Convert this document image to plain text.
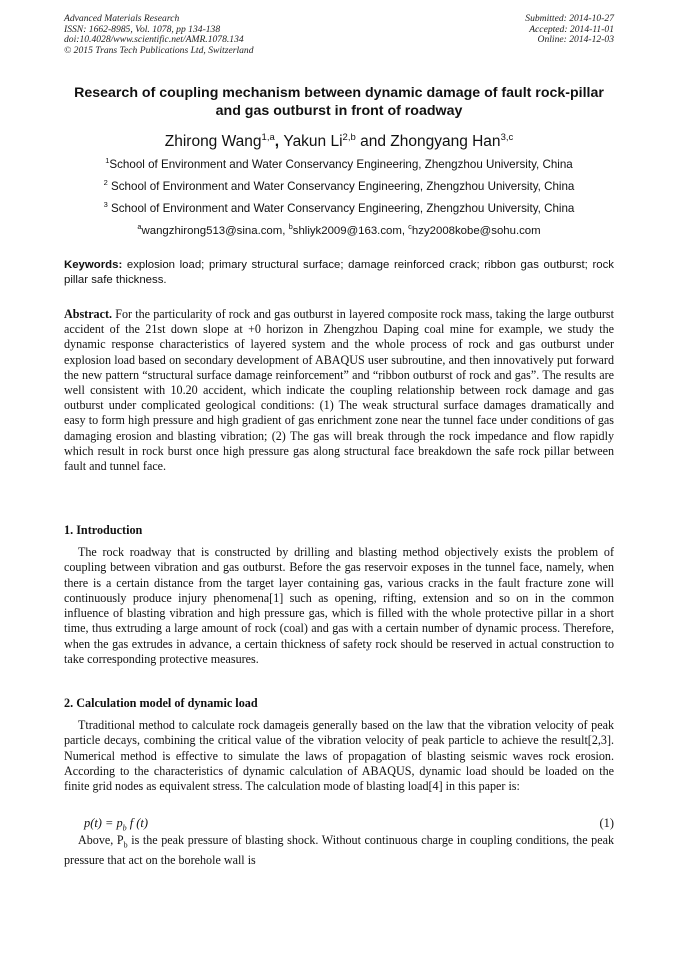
Advanced Materials Research
ISSN: 1662-8985, Vol. 1078, pp 134-138
doi:10.4028/www.scientific.net/AMR.1078.134
© 2015 Trans Tech Publications Ltd, Switzerland
Submitted: 2014-10-27
Accepted: 2014-11-01
Online: 2014-12-03
Research of coupling mechanism between dynamic damage of fault rock-pillar and gas outburst in front of roadway
Zhirong Wang$^{1,a}$, Yakun Li$^{2,b}$ and Zhongyang Han$^{3,c}$
$^1$School of Environment and Water Conservancy Engineering, Zhengzhou University, China
$^2$ School of Environment and Water Conservancy Engineering, Zhengzhou University, China
$^3$ School of Environment and Water Conservancy Engineering, Zhengzhou University, China
$^a$wangzhirong513@sina.com, $^b$shliyk2009@163.com, $^c$hzy2008kobe@sohu.com
Keywords: explosion load; primary structural surface; damage reinforced crack; ribbon gas outburst; rock pillar safe thickness.
Abstract. For the particularity of rock and gas outburst in layered composite rock mass, taking the large outburst accident of the 21st down slope at +0 horizon in Zhengzhou Daping coal mine for example, we study the dynamic response characteristics of layered system and the whole process of rock and gas outburst under explosion load based on secondary development of ABAQUS user subroutine, and then innovatively put forward the new pattern “structural surface damage reinforcement” and “ribbon outburst of rock and gas”. The results are well consistent with 10.20 accident, which indicate the coupling relationship between rock damage and gas outburst under complicated geological conditions: (1) The weak structural surface damages dramatically and easy to form high pressure and high gradient of gas enrichment zone near the tunnel face under conditions of gas damaging erosion and blasting vibration; (2) The gas will break through the rock impedance and flow rapidly which result in rock burst once high pressure gas along structural face breakdown the safe rock pillar between fault and tunnel face.
1. Introduction
The rock roadway that is constructed by drilling and blasting method objectively exists the problem of coupling between vibration and gas outburst. Before the gas reservoir exposes in the tunnel face, namely, when there is a certain distance from the target layer containing gas, various cracks in the fault fracture zone will continuously produce injury phenomena[1] such as opening, rifting, extension and so on in the common influence of blasting vibration and high pressure gas, which is filled with the whole protective pillar in a short time, thus extruding a large amount of rock (coal) and gas with a certain number of dynamic process. Therefore, when the gas extrudes in advance, a certain thickness of safety rock should be reserved in actual construction to take corresponding protective measures.
2. Calculation model of dynamic load
Ttraditional method to calculate rock damageis generally based on the law that the vibration velocity of peak particle decays, combining the critical value of the vibration velocity of peak particle to achieve the result[2,3]. Numerical method is effective to simulate the laws of propagation of blasting seismic waves rock erosion. According to the characteristics of dynamic calculation of ABAQUS, dynamic load should be loaded on the finite grid nodes as equivalent stress. The calculation mode of blasting load[4] in this paper is:
$p(t) = p_b$ f (t)	(1)
Above, $P_b$ is the peak pressure of blasting shock. Without continuous charge in coupling conditions, the peak pressure that act on the borehole wall is
